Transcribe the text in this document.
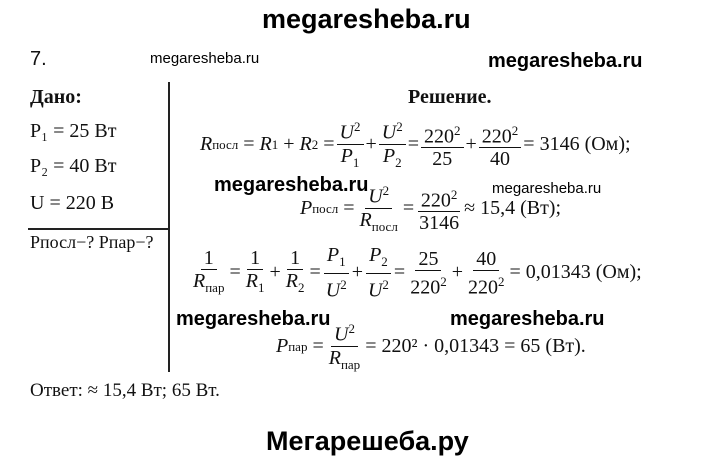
megaresheba.ru
megaresheba.ru	megaresheba.ru
megaresheba.ru	megaresheba.ru
megaresheba.ru	megaresheba.ru
Мегарешеба.ру
7.
Дано:
P₁ = 25 Вт
P₂ = 40 Вт
U = 220 В
Pпосл−? Pпар−?
Решение.
R посл = R 1 + R $2 = \frac{U^2}{P_1} + \frac{U^2}{P_2} = \frac{220^2}{25} + \frac{220^2}{40} = 3146$ (Ом);
P посл = $\frac{U^2}{R_{посл}} = \frac{220^2}{3146} \approx 15,4$ (Вт);
$\frac{1}{R_{пар}} = \frac{1}{R_1} + \frac{1}{R_2} = \frac{P_1}{U^2} + \frac{P_2}{U^2} = \frac{25}{220^2} + \frac{40}{220^2} = 0,01343$ (Ом);
P пар = $\frac{U^2}{R_{пар}} = 220^2 \cdot 0,01343 = 65$ (Вт).
Ответ: ≈ 15,4 Вт; 65 Вт.
